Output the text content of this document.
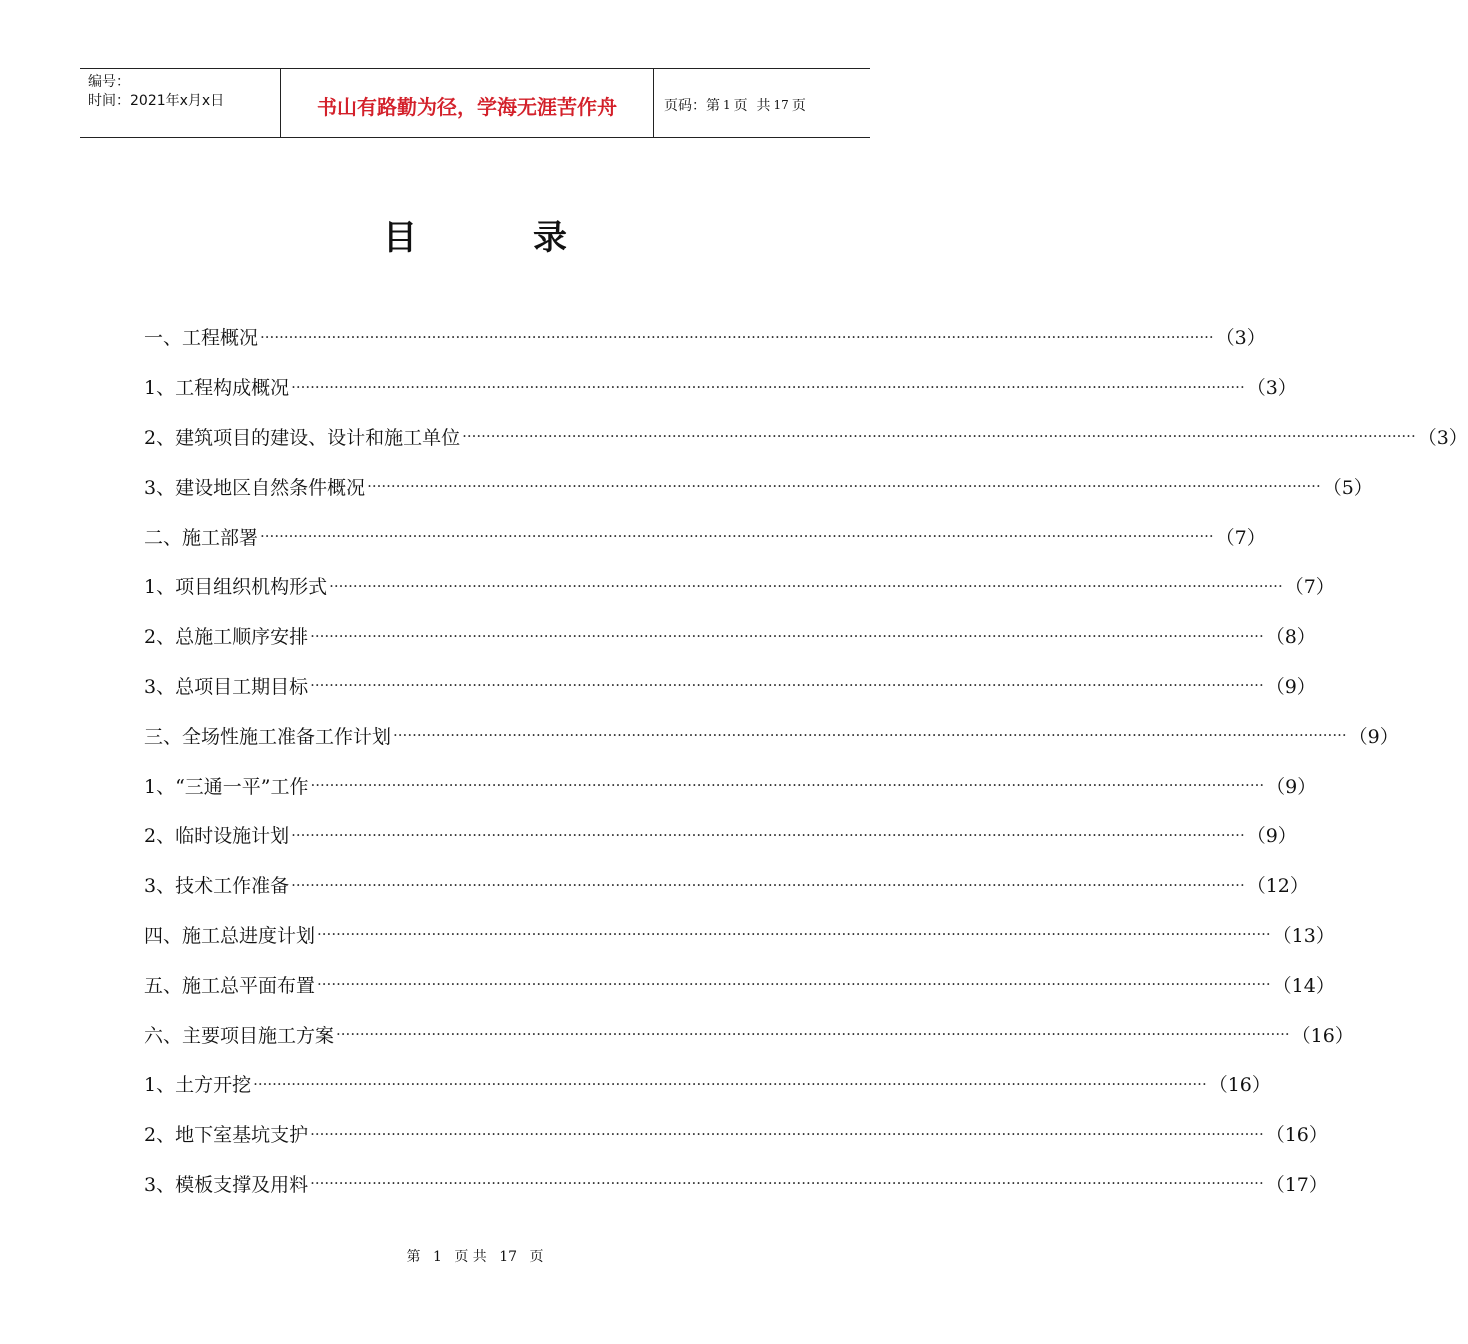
编号：
时间：2021年x月x日	书山有路勤为径，学海无涯苦作舟	页码：第 1 页  共 17 页
目	录
一、工程概况 ········································································································································································································ （3）
1、工程构成概况 ········································································································································································································ （3）
2、建筑项目的建设、设计和施工单位 ········································································································································································································ （3）
3、建设地区自然条件概况 ········································································································································································································ （5）
二、施工部署 ········································································································································································································ （7）
1、项目组织机构形式 ········································································································································································································ （7）
2、总施工顺序安排 ········································································································································································································ （8）
3、总项目工期目标 ········································································································································································································ （9）
三、全场性施工准备工作计划 ········································································································································································································ （9）
1、“三通一平”工作 ········································································································································································································ （9）
2、临时设施计划 ········································································································································································································ （9）
3、技术工作准备 ········································································································································································································ （12）
四、施工总进度计划 ········································································································································································································ （13）
五、施工总平面布置 ········································································································································································································ （14）
六、主要项目施工方案 ········································································································································································································ （16）
1、土方开挖 ········································································································································································································ （16）
2、地下室基坑支护 ········································································································································································································ （16）
3、模板支撑及用料 ········································································································································································································ （17）
第 1 页 共 17 页
